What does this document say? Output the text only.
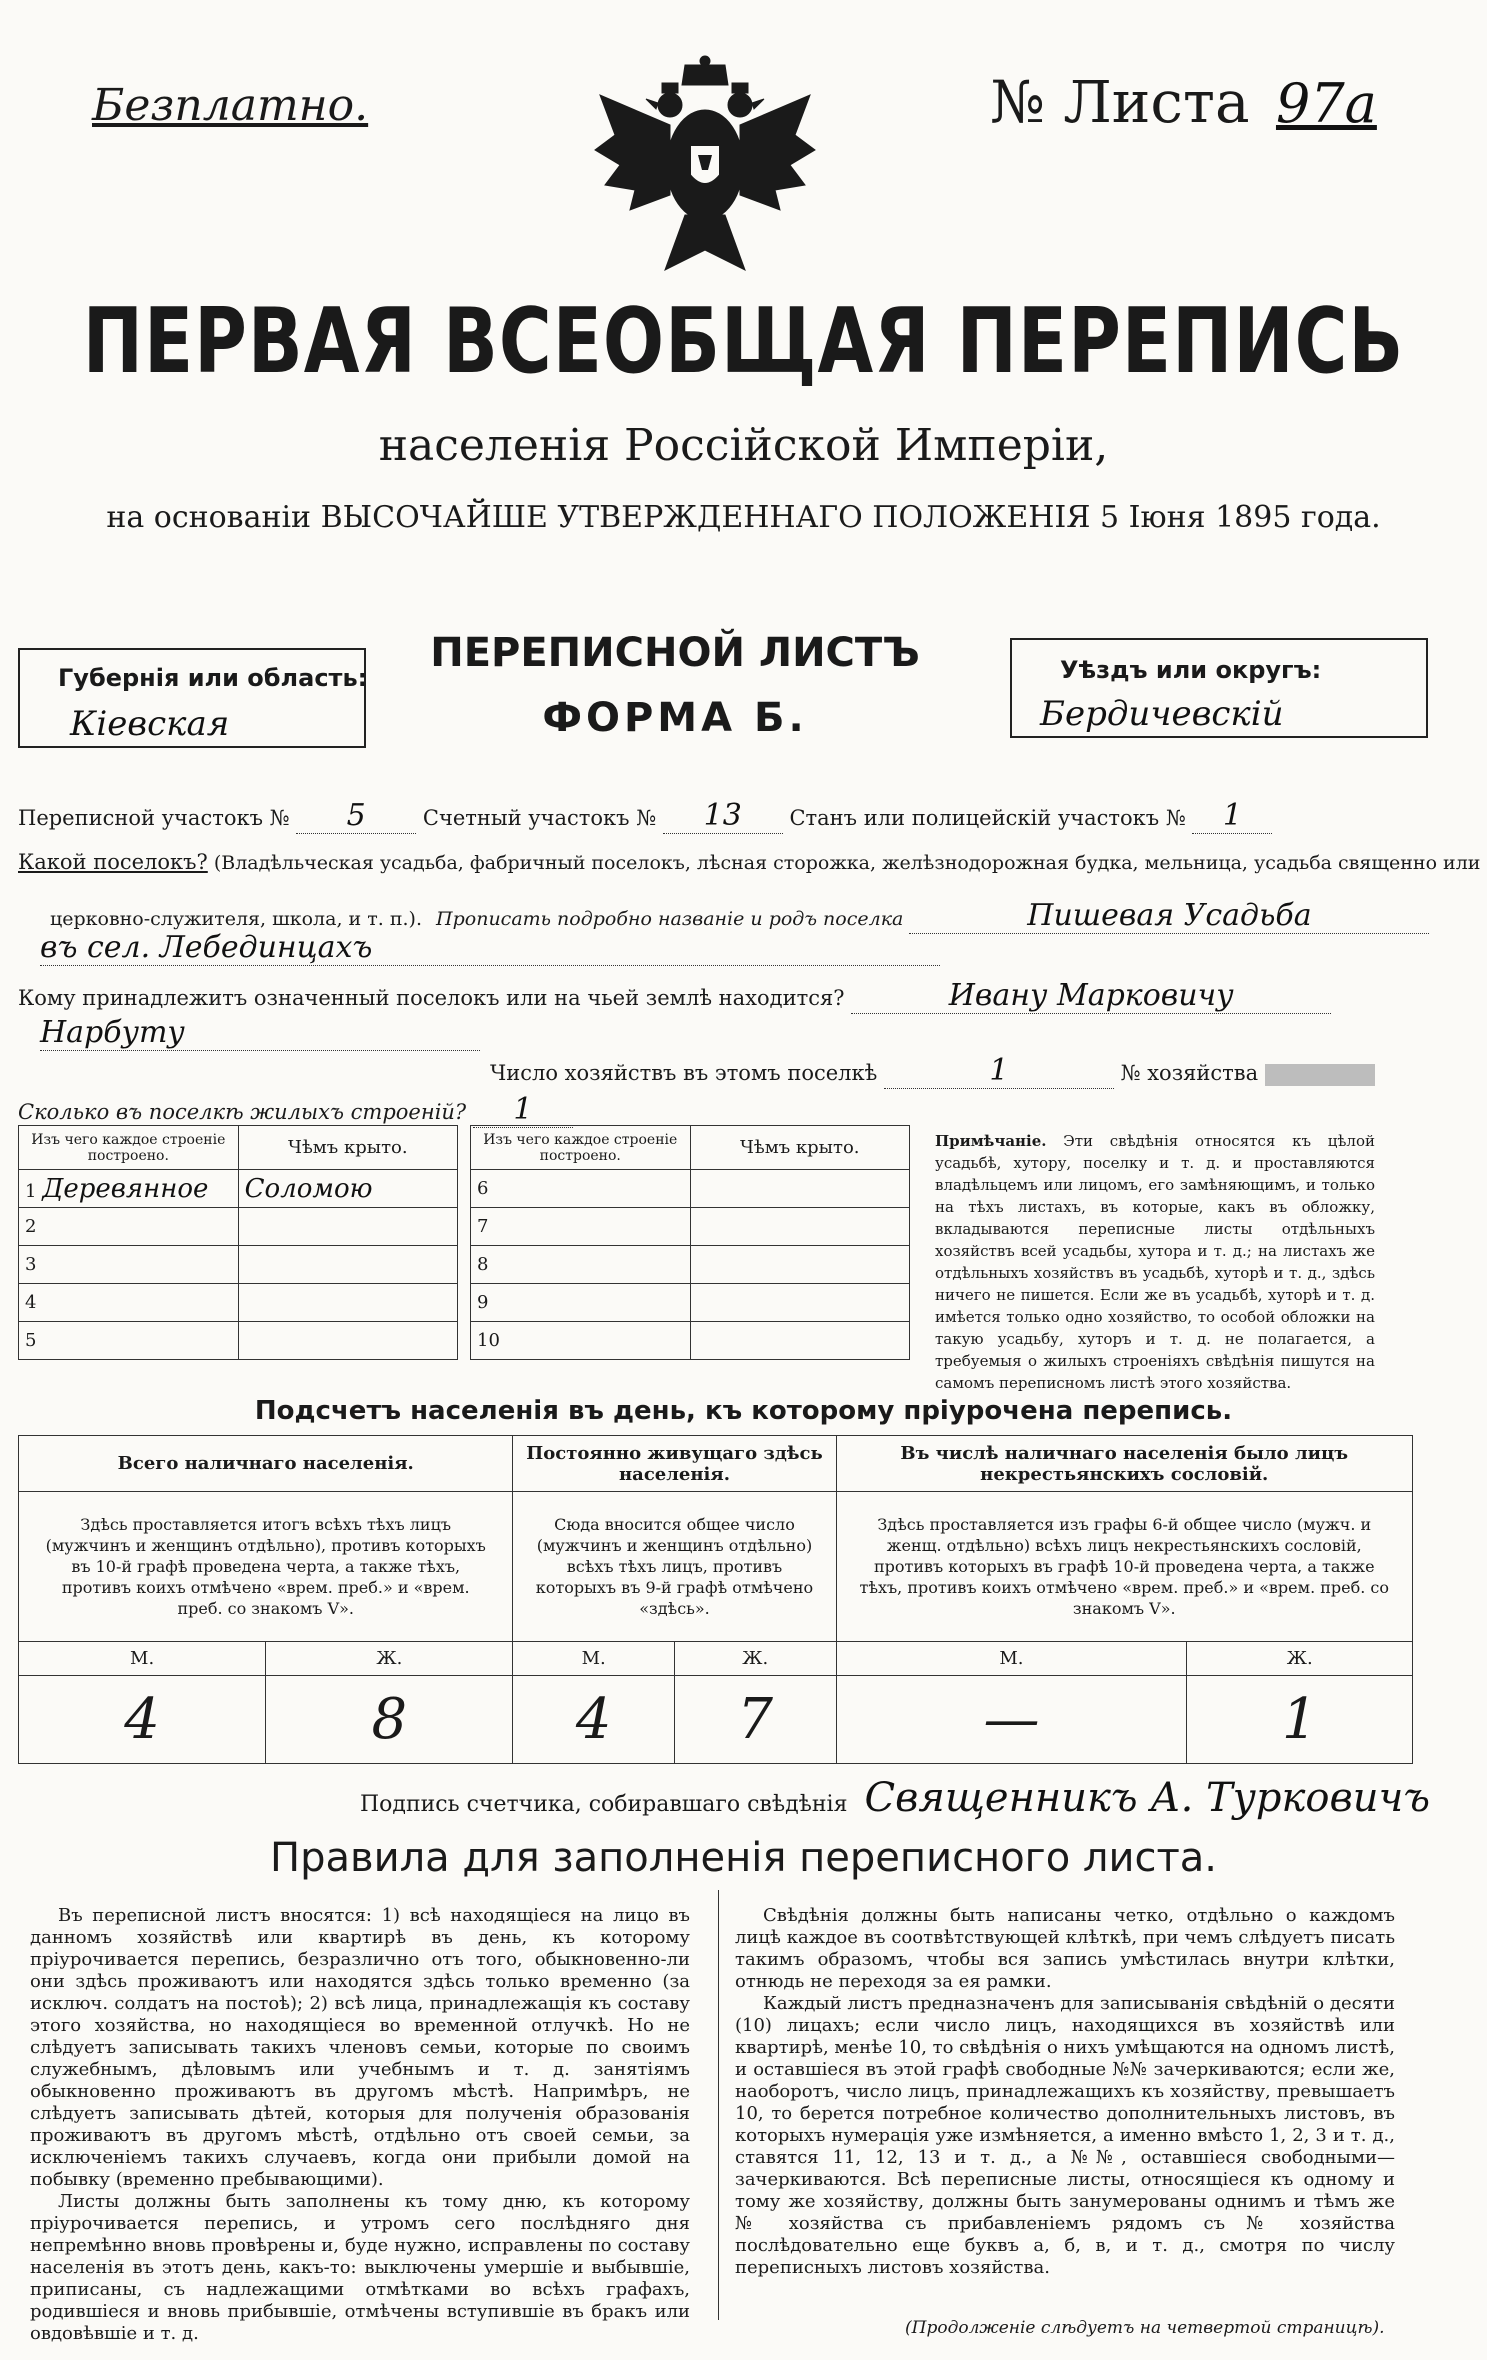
Безплатно.	№ Листа 97а
ПЕРВАЯ ВСЕОБЩАЯ ПЕРЕПИСЬ
населенія Россійской Имперіи,
на основаніи ВЫСОЧАЙШЕ УТВЕРЖДЕННАГО ПОЛОЖЕНІЯ 5 Іюня 1895 года.
Губернія или область:
Кіевская
ПЕРЕПИСНОЙ ЛИСТЪ
ФОРМА Б.
Уѣздъ или округъ:
Бердичевскій
Переписной участокъ № 5	Счетный участокъ № 13 Станъ или полицейскій участокъ № 1
Какой поселокъ? (Владѣльческая усадьба, фабричный поселокъ, лѣсная сторожка, желѣзнодорожная будка, мельница, усадьба священно или
церковно-служителя, школа, и т. п.). Прописать подробно названіе и родъ поселка	Пишевая Усадьба
въ сел. Лебединцахъ
Кому принадлежитъ означенный поселокъ или на чьей землѣ находится?	Ивану Марковичу
Нарбуту
Число хозяйствъ въ этомъ поселкѣ	1	№ хозяйства
Сколько въ поселкѣ жилыхъ строеній? 1
Изъ чего каждое строеніе построено.	Чѣмъ крыто.
1 Деревянное	Соломою
2	
3	
4	
5	
Изъ чего каждое строеніе построено.	Чѣмъ крыто.
6	
7	
8	
9	
10	
Примѣчаніе. Эти свѣдѣнія относятся къ цѣлой усадьбѣ, хутору, поселку и т. д. и проставляются владѣльцемъ или лицомъ, его замѣняющимъ, и только на тѣхъ листахъ, въ которые, какъ въ обложку, вкладываются переписные листы отдѣльныхъ хозяйствъ всей усадьбы, хутора и т. д.; на листахъ же отдѣльныхъ хозяйствъ въ усадьбѣ, хуторѣ и т. д., здѣсь ничего не пишется. Если же въ усадьбѣ, хуторѣ и т. д. имѣется только одно хозяйство, то особой обложки на такую усадьбу, хуторъ и т. д. не полагается, а требуемыя о жилыхъ строеніяхъ свѣдѣнія пишутся на самомъ переписномъ листѣ этого хозяйства.
Подсчетъ населенія въ день, къ которому пріурочена перепись.
Всего наличнаго населенія.		Постоянно живущаго здѣсь населенія.		Въ числѣ наличнаго населенія было лицъ некрестьянскихъ сословій.	
Здѣсь проставляется итогъ всѣхъ тѣхъ лицъ (мужчинъ и женщинъ отдѣльно), противъ которыхъ въ 10-й графѣ проведена черта, а также тѣхъ, противъ коихъ отмѣчено «врем. преб.» и «врем. преб. со знакомъ V».		Сюда вносится общее число (мужчинъ и женщинъ отдѣльно) всѣхъ тѣхъ лицъ, противъ которыхъ въ 9-й графѣ отмѣчено «здѣсь».		Здѣсь проставляется изъ графы 6-й общее число (мужч. и женщ. отдѣльно) всѣхъ лицъ некрестьянскихъ сословій, противъ которыхъ въ графѣ 10-й проведена черта, а также тѣхъ, противъ коихъ отмѣчено «врем. преб.» и «врем. преб. со знакомъ V».	
М.	Ж.	М.	Ж.	М.	Ж.
4	8	4	7	—	1
Подпись счетчика, собиравшаго свѣдѣнія Священникъ А. Турковичъ
Правила для заполненія переписного листа.

Въ переписной листъ вносятся: 1) всѣ находящіеся на лицо въ данномъ хозяйствѣ или квартирѣ въ день, къ которому пріурочивается перепись, безразлично отъ того, обыкновенно-ли они здѣсь проживаютъ или находятся здѣсь только временно (за исключ. солдатъ на постоѣ); 2) всѣ лица, принадлежащія къ составу этого хозяйства, но находящіеся во временной отлучкѣ. Но не слѣдуетъ записывать такихъ членовъ семьи, которые по своимъ служебнымъ, дѣловымъ или учебнымъ и т. д. занятіямъ обыкновенно проживаютъ въ другомъ мѣстѣ. Напримѣръ, не слѣдуетъ записывать дѣтей, которыя для полученія образованія проживаютъ въ другомъ мѣстѣ, отдѣльно отъ своей семьи, за исключеніемъ такихъ случаевъ, когда они прибыли домой на побывку (временно пребывающими).

Листы должны быть заполнены къ тому дню, къ которому пріурочивается перепись, и утромъ сего послѣдняго дня непремѣнно вновь провѣрены и, буде нужно, исправлены по составу населенія въ этотъ день, какъ-то: выключены умершіе и выбывшіе, приписаны, съ надлежащими отмѣтками во всѣхъ графахъ, родившіеся и вновь прибывшіе, отмѣчены вступившіе въ бракъ или овдовѣвшіе и т. д.

Свѣдѣнія должны быть написаны четко, отдѣльно о каждомъ лицѣ каждое въ соотвѣтствующей клѣткѣ, при чемъ слѣдуетъ писать такимъ образомъ, чтобы вся запись умѣстилась внутри клѣтки, отнюдь не переходя за ея рамки.

Каждый листъ предназначенъ для записыванія свѣдѣній о десяти (10) лицахъ; если число лицъ, находящихся въ хозяйствѣ или квартирѣ, менѣе 10, то свѣдѣнія о нихъ умѣщаются на одномъ листѣ, и оставшіеся въ этой графѣ свободные №№ зачеркиваются; если же, наоборотъ, число лицъ, принадлежащихъ къ хозяйству, превышаетъ 10, то берется потребное количество дополнительныхъ листовъ, въ которыхъ нумерація уже измѣняется, а именно вмѣсто 1, 2, 3 и т. д., ставятся 11, 12, 13 и т. д., а №№, оставшіеся свободными—зачеркиваются. Всѣ переписные листы, относящіеся къ одному и тому же хозяйству, должны быть занумерованы однимъ и тѣмъ же № хозяйства съ прибавленіемъ рядомъ съ № хозяйства послѣдовательно еще буквъ а, б, в, и т. д., смотря по числу переписныхъ листовъ хозяйства.

(Продолженіе слѣдуетъ на четвертой страницѣ).
